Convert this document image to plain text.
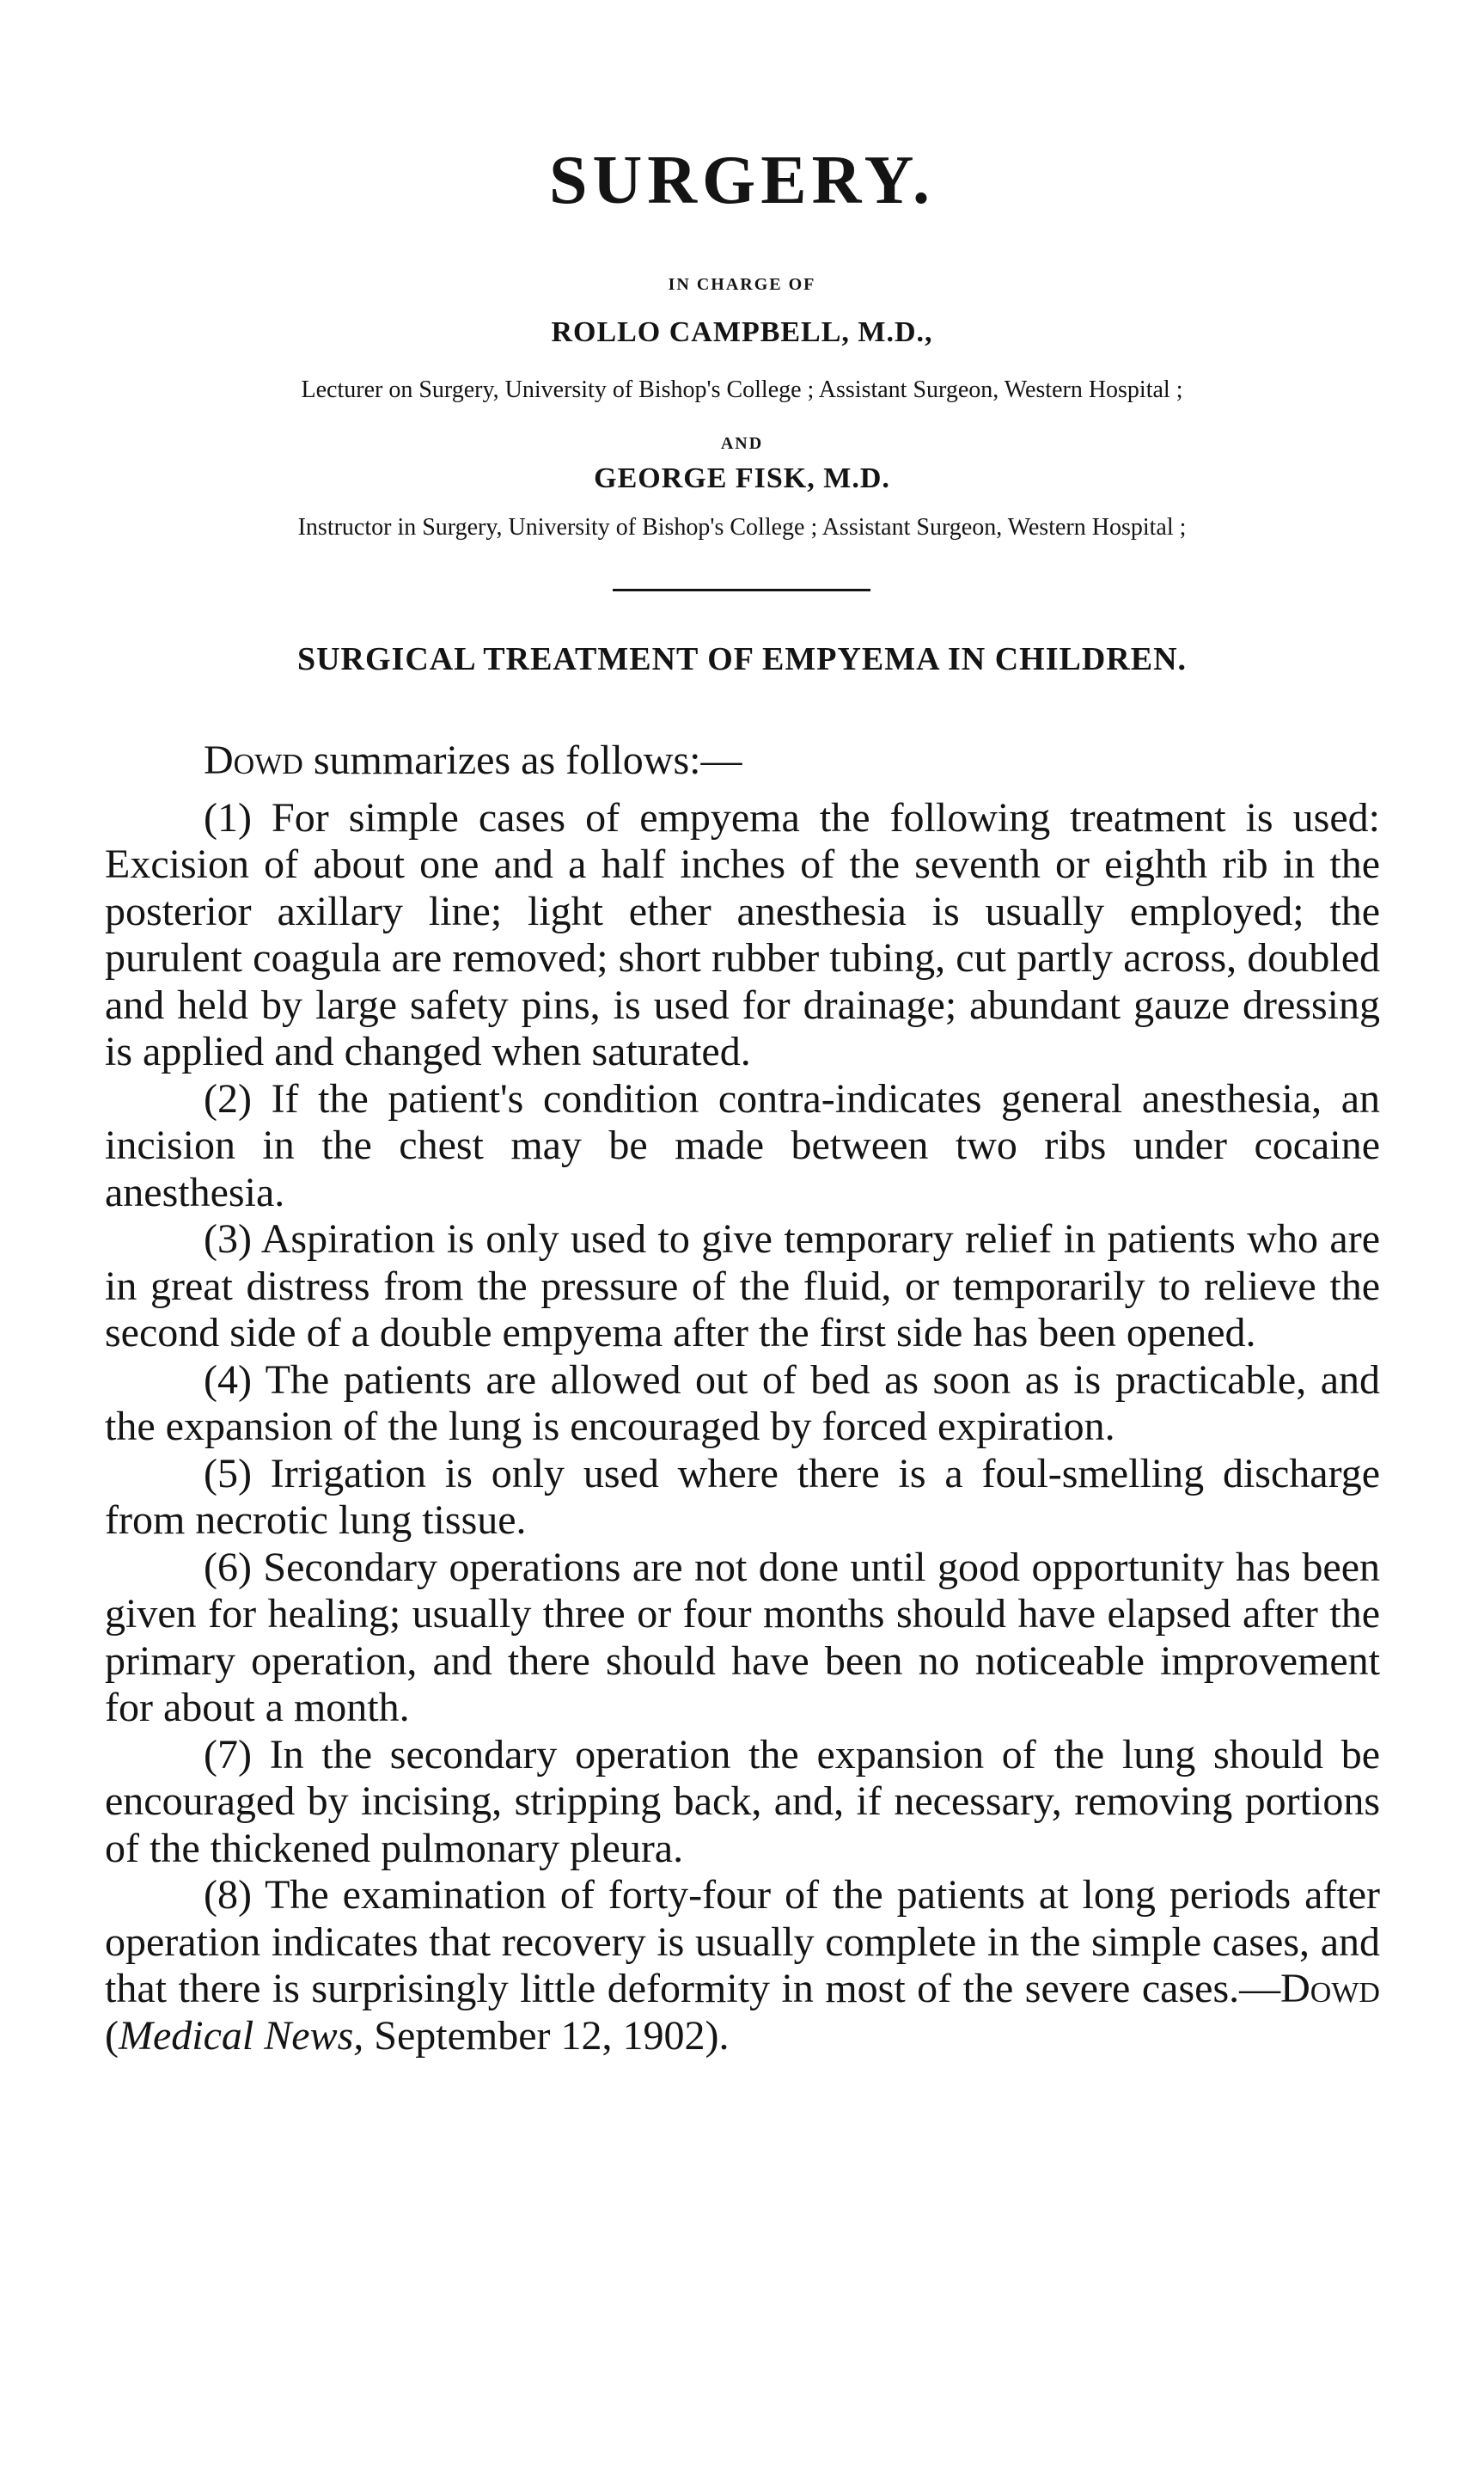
SURGERY.
IN CHARGE OF
ROLLO CAMPBELL, M.D.,
Lecturer on Surgery, University of Bishop's College ; Assistant Surgeon, Western Hospital ;
AND
GEORGE FISK, M.D.
Instructor in Surgery, University of Bishop's College ; Assistant Surgeon, Western Hospital ;
SURGICAL TREATMENT OF EMPYEMA IN CHILDREN.

Dowd summarizes as follows:—

(1) For simple cases of empyema the following treatment is used: Excision of about one and a half inches of the seventh or eighth rib in the posterior axillary line; light ether anesthesia is usually employed; the purulent coagula are removed; short rubber tubing, cut partly across, doubled and held by large safety pins, is used for drainage; abundant gauze dressing is applied and changed when saturated.

(2) If the patient's condition contra-indicates general anesthesia, an incision in the chest may be made between two ribs under cocaine anesthesia.

(3) Aspiration is only used to give temporary relief in patients who are in great distress from the pressure of the fluid, or temporarily to relieve the second side of a double empyema after the first side has been opened.

(4) The patients are allowed out of bed as soon as is practicable, and the expansion of the lung is encouraged by forced expiration.

(5) Irrigation is only used where there is a foul-smelling discharge from necrotic lung tissue.

(6) Secondary operations are not done until good opportunity has been given for healing; usually three or four months should have elapsed after the primary operation, and there should have been no noticeable improvement for about a month.

(7) In the secondary operation the expansion of the lung should be encouraged by incising, stripping back, and, if necessary, removing portions of the thickened pulmonary pleura.

(8) The examination of forty-four of the patients at long periods after operation indicates that recovery is usually complete in the simple cases, and that there is surprisingly little deformity in most of the severe cases.—Dowd (Medical News, September 12, 1902).
